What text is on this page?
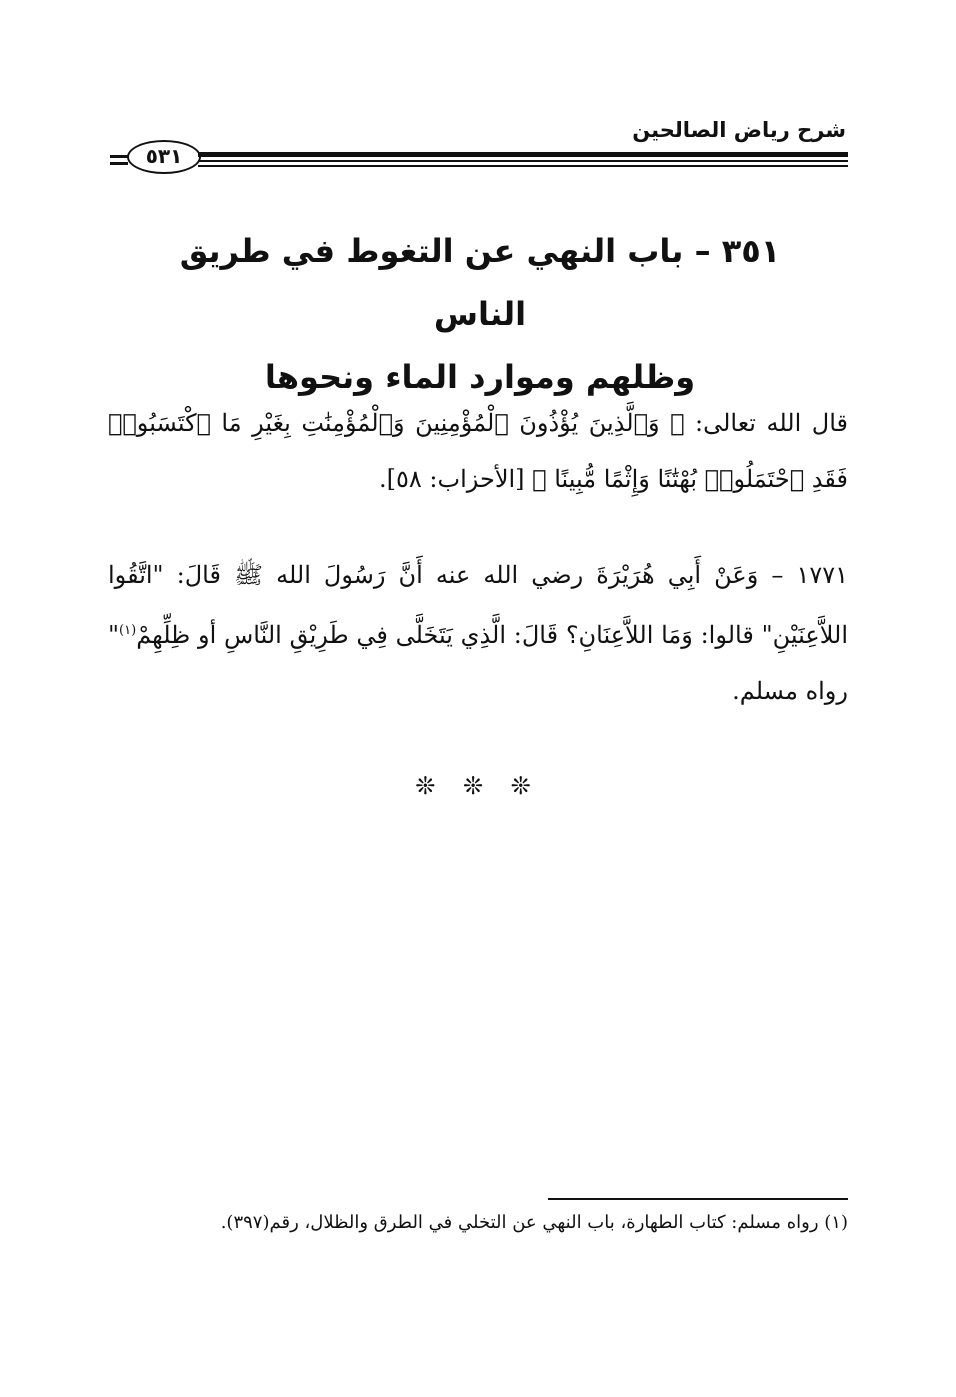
شرح رياض الصالحين
٥٣١
٣٥١ – باب النهي عن التغوط في طريق الناس
وظلهم وموارد الماء ونحوها
قال الله تعالى: ﴿ وَٱلَّذِينَ يُؤْذُونَ ٱلْمُؤْمِنِينَ وَٱلْمُؤْمِنَٰتِ بِغَيْرِ مَا ٱكْتَسَبُوا۟ فَقَدِ ٱحْتَمَلُوا۟ بُهْتَٰنًا وَإِثْمًا مُّبِينًا ﴾ [الأحزاب: ٥٨].
١٧٧١ – وَعَنْ أَبِي هُرَيْرَةَ رضي الله عنه أَنَّ رَسُولَ الله ﷺ قَالَ: "اتَّقُوا اللاَّعِنَيْنِ" قالوا: وَمَا اللاَّعِنَانِ؟ قَالَ: الَّذِي يَتَخَلَّى فِي طَرِيْقِ النَّاسِ أو ظِلِّهِمْ$^{(١)}$" رواه مسلم.
❊ ❊ ❊
(١) رواه مسلم: كتاب الطهارة، باب النهي عن التخلي في الطرق والظلال، رقم(٣٩٧).
